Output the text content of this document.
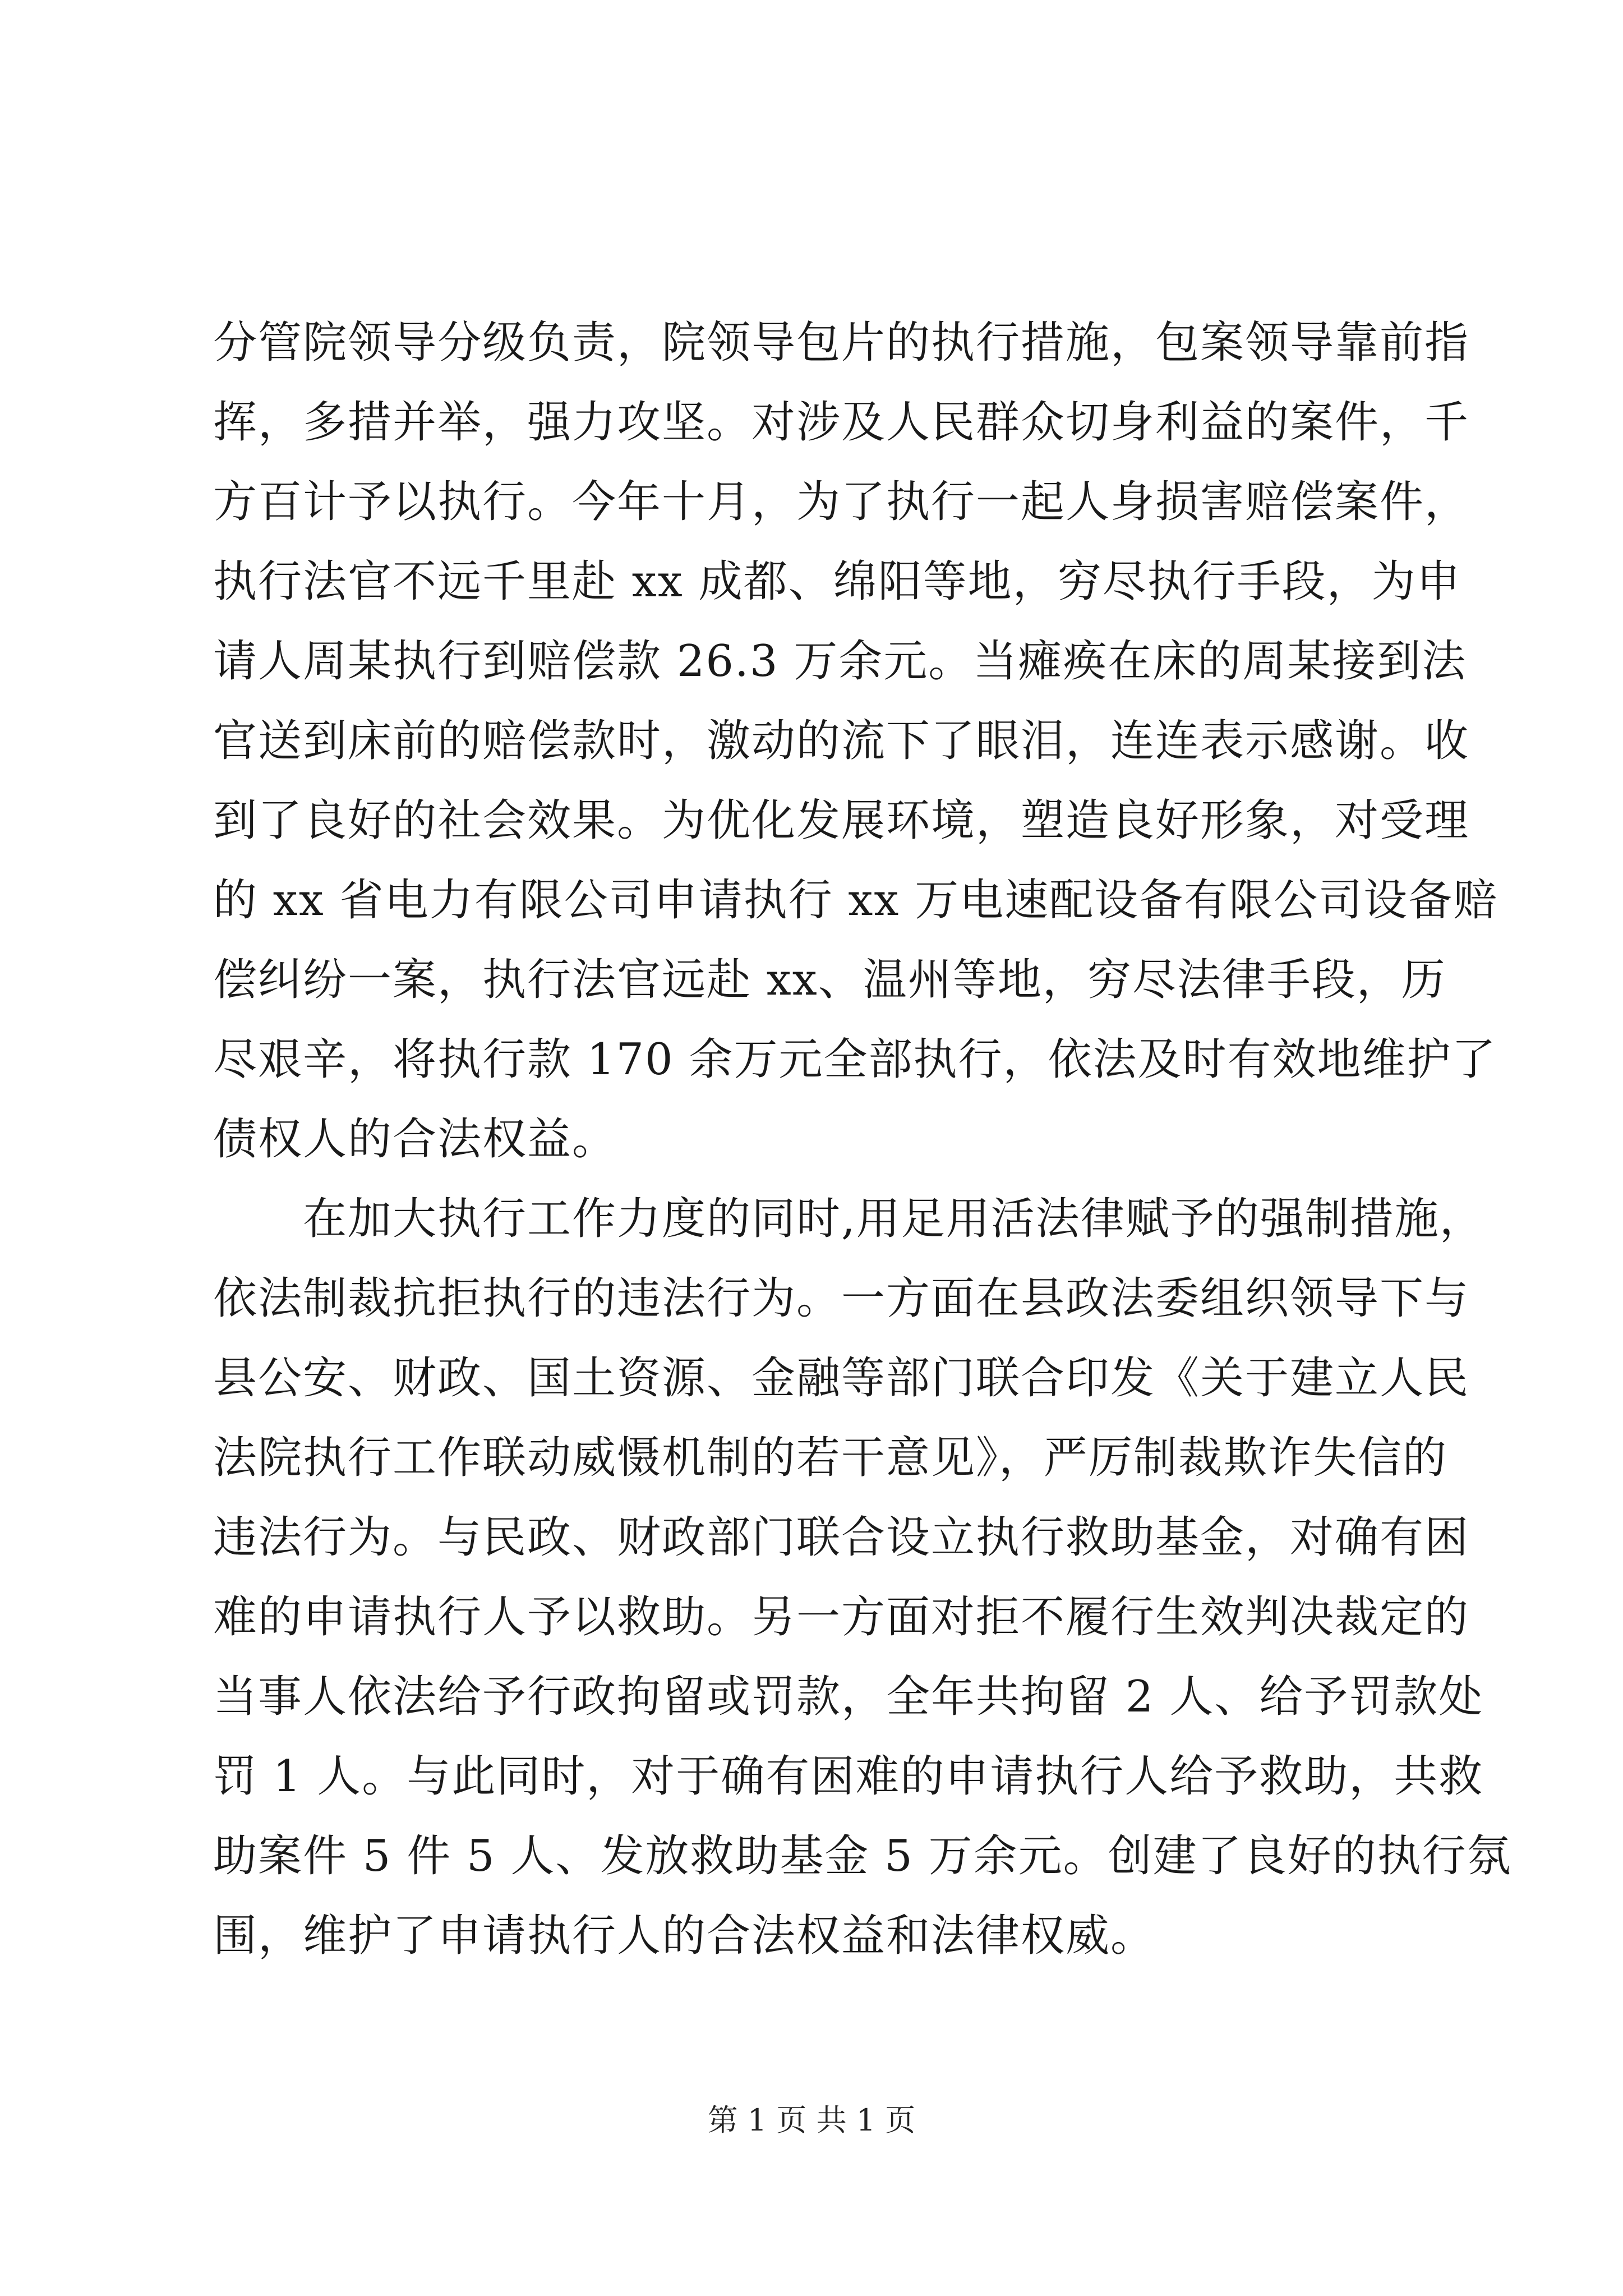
分管院领导分级负责，院领导包片的执行措施，包案领导靠前指
挥，多措并举，强力攻坚。对涉及人民群众切身利益的案件，千
方百计予以执行。今年十月，为了执行一起人身损害赔偿案件，
执行法官不远千里赴 xx 成都、绵阳等地，穷尽执行手段，为申
请人周某执行到赔偿款 26.3 万余元。当瘫痪在床的周某接到法
官送到床前的赔偿款时，激动的流下了眼泪，连连表示感谢。收
到了良好的社会效果。为优化发展环境，塑造良好形象，对受理
的 xx 省电力有限公司申请执行 xx 万电速配设备有限公司设备赔
偿纠纷一案，执行法官远赴 xx、温州等地，穷尽法律手段，历
尽艰辛，将执行款 170 余万元全部执行，依法及时有效地维护了
债权人的合法权益。
　　在加大执行工作力度的同时,用足用活法律赋予的强制措施，
依法制裁抗拒执行的违法行为。一方面在县政法委组织领导下与
县公安、财政、国土资源、金融等部门联合印发《关于建立人民
法院执行工作联动威慑机制的若干意见》，严厉制裁欺诈失信的
违法行为。与民政、财政部门联合设立执行救助基金，对确有困
难的申请执行人予以救助。另一方面对拒不履行生效判决裁定的
当事人依法给予行政拘留或罚款，全年共拘留 2 人、给予罚款处
罚 1 人。与此同时，对于确有困难的申请执行人给予救助，共救
助案件 5 件 5 人、发放救助基金 5 万余元。创建了良好的执行氛
围，维护了申请执行人的合法权益和法律权威。
第 1 页 共 1 页
